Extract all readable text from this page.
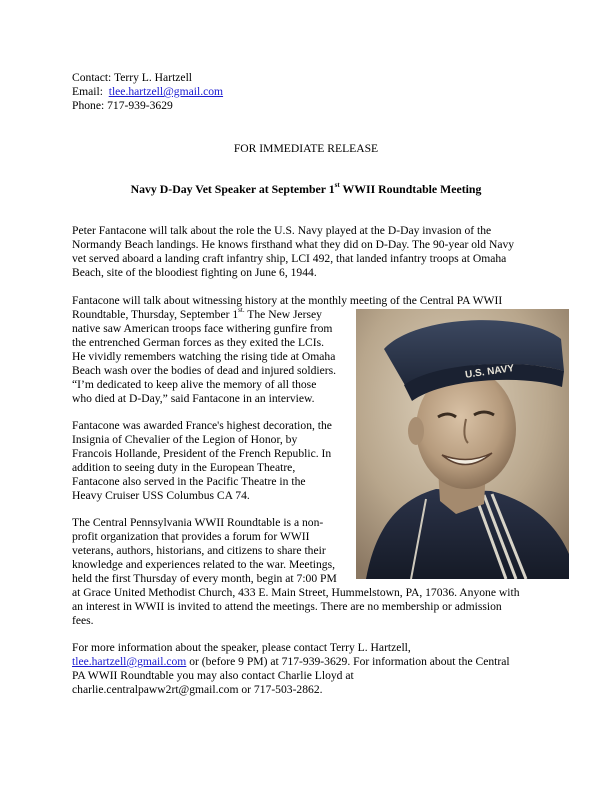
Contact: Terry L. Hartzell
Email: tlee.hartzell@gmail.com
Phone: 717-939-3629
FOR IMMEDIATE RELEASE
Navy D-Day Vet Speaker at September 1st WWII Roundtable Meeting
Peter Fantacone will talk about the role the U.S. Navy played at the D-Day invasion of the
Normandy Beach landings. He knows firsthand what they did on D-Day. The 90-year old Navy
vet served aboard a landing craft infantry ship, LCI 492, that landed infantry troops at Omaha
Beach, site of the bloodiest fighting on June 6, 1944.
Fantacone will talk about witnessing history at the monthly meeting of the Central PA WWII
Roundtable, Thursday, September $1^{st.}$ The New Jersey
native saw American troops face withering gunfire from
the entrenched German forces as they exited the LCIs.
He vividly remembers watching the rising tide at Omaha
Beach wash over the bodies of dead and injured soldiers.
“I’m dedicated to keep alive the memory of all those
who died at D-Day,” said Fantacone in an interview.
Fantacone was awarded France's highest decoration, the
Insignia of Chevalier of the Legion of Honor, by
Francois Hollande, President of the French Republic. In
addition to seeing duty in the European Theatre,
Fantacone also served in the Pacific Theatre in the
Heavy Cruiser USS Columbus CA 74.
The Central Pennsylvania WWII Roundtable is a non-
profit organization that provides a forum for WWII
veterans, authors, historians, and citizens to share their
knowledge and experiences related to the war. Meetings,
held the first Thursday of every month, begin at 7:00 PM
at Grace United Methodist Church, 433 E. Main Street, Hummelstown, PA, 17036. Anyone with
an interest in WWII is invited to attend the meetings. There are no membership or admission
fees.
For more information about the speaker, please contact Terry L. Hartzell,
tlee.hartzell@gmail.com or (before 9 PM) at 717-939-3629. For information about the Central
PA WWII Roundtable you may also contact Charlie Lloyd at
charlie.centralpaww2rt@gmail.com or 717-503-2862.
U.S. NAVY
